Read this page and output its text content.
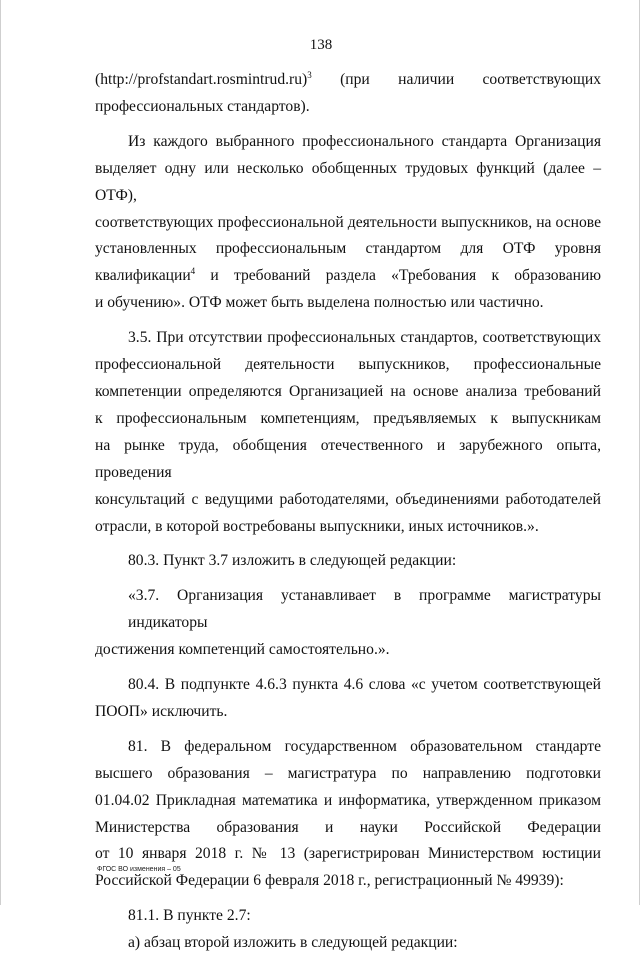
138

(http://profstandart.rosmintrud.ru)$^3$ (при наличии соответствующих
профессиональных стандартов).

Из каждого выбранного профессионального стандарта Организация
выделяет одну или несколько обобщенных трудовых функций (далее – ОТФ),
соответствующих профессиональной деятельности выпускников, на основе
установленных профессиональным стандартом для ОТФ уровня
квалификации$^4$ и требований раздела «Требования к образованию
и обучению». ОТФ может быть выделена полностью или частично.

3.5. При отсутствии профессиональных стандартов, соответствующих
профессиональной деятельности выпускников, профессиональные
компетенции определяются Организацией на основе анализа требований
к профессиональным компетенциям, предъявляемых к выпускникам
на рынке труда, обобщения отечественного и зарубежного опыта, проведения
консультаций с ведущими работодателями, объединениями работодателей
отрасли, в которой востребованы выпускники, иных источников.».

80.3. Пункт 3.7 изложить в следующей редакции:

«3.7. Организация устанавливает в программе магистратуры индикаторы
достижения компетенций самостоятельно.».

80.4. В подпункте 4.6.3 пункта 4.6 слова «с учетом соответствующей
ПООП» исключить.

81. В федеральном государственном образовательном стандарте
высшего образования – магистратура по направлению подготовки
01.04.02 Прикладная математика и информатика, утвержденном приказом
Министерства образования и науки Российской Федерации
от 10 января 2018 г. № 13 (зарегистрирован Министерством юстиции
Российской Федерации 6 февраля 2018 г., регистрационный № 49939):

81.1. В пункте 2.7:

а) абзац второй изложить в следующей редакции:

ФГОС ВО изменения – 05
